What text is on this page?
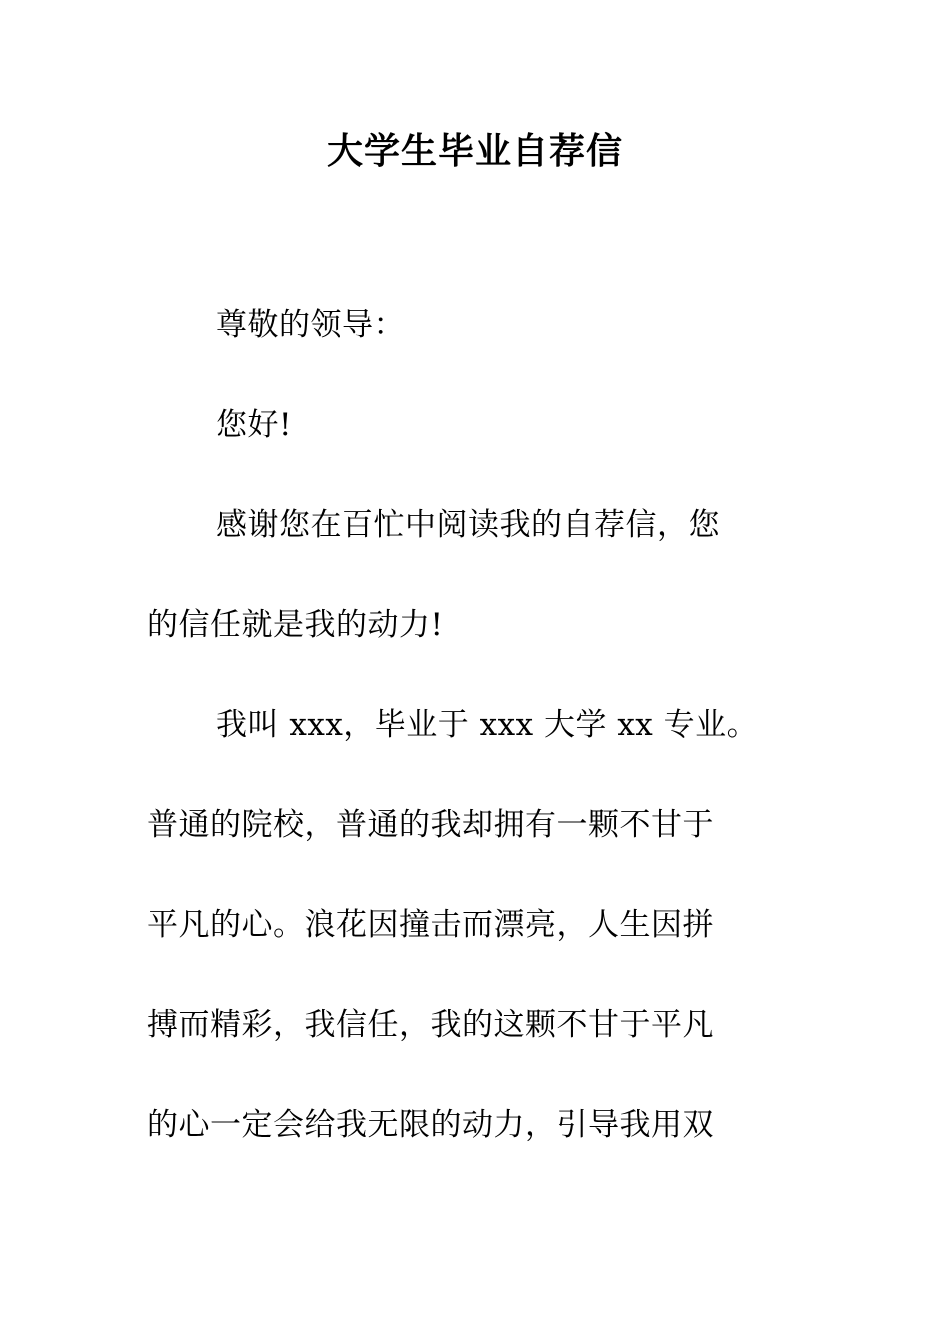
大学生毕业自荐信
尊敬的领导：
您好!
感谢您在百忙中阅读我的自荐信，您
的信任就是我的动力!
我叫 xxx，毕业于 xxx 大学 xx 专业。
普通的院校，普通的我却拥有一颗不甘于
平凡的心。浪花因撞击而漂亮，人生因拼
搏而精彩，我信任，我的这颗不甘于平凡
的心一定会给我无限的动力，引导我用双
